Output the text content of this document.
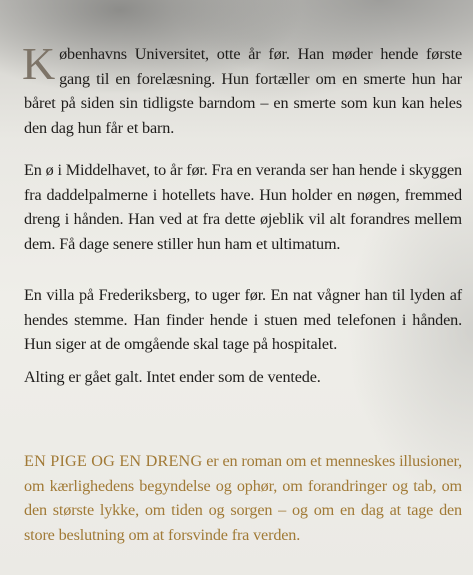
Københavns Universitet, otte år før. Han møder hende første gang til en forelæsning. Hun fortæller om en smerte hun har båret på siden sin tidligste barndom – en smerte som kun kan heles den dag hun får et barn.

En ø i Middelhavet, to år før. Fra en veranda ser han hende i skyggen fra daddelpalmerne i hotellets have. Hun holder en nøgen, fremmed dreng i hånden. Han ved at fra dette øjeblik vil alt forandres mellem dem. Få dage senere stiller hun ham et ultimatum.

En villa på Frederiksberg, to uger før. En nat vågner han til lyden af hendes stemme. Han finder hende i stuen med telefonen i hånden. Hun siger at de omgående skal tage på hospitalet.

Alting er gået galt. Intet ender som de ventede.

EN PIGE OG EN DRENG er en roman om et menneskes illusioner, om kærlighedens begyndelse og ophør, om forandringer og tab, om den største lykke, om tiden og sorgen – og om en dag at tage den store beslutning om at forsvinde fra verden.
